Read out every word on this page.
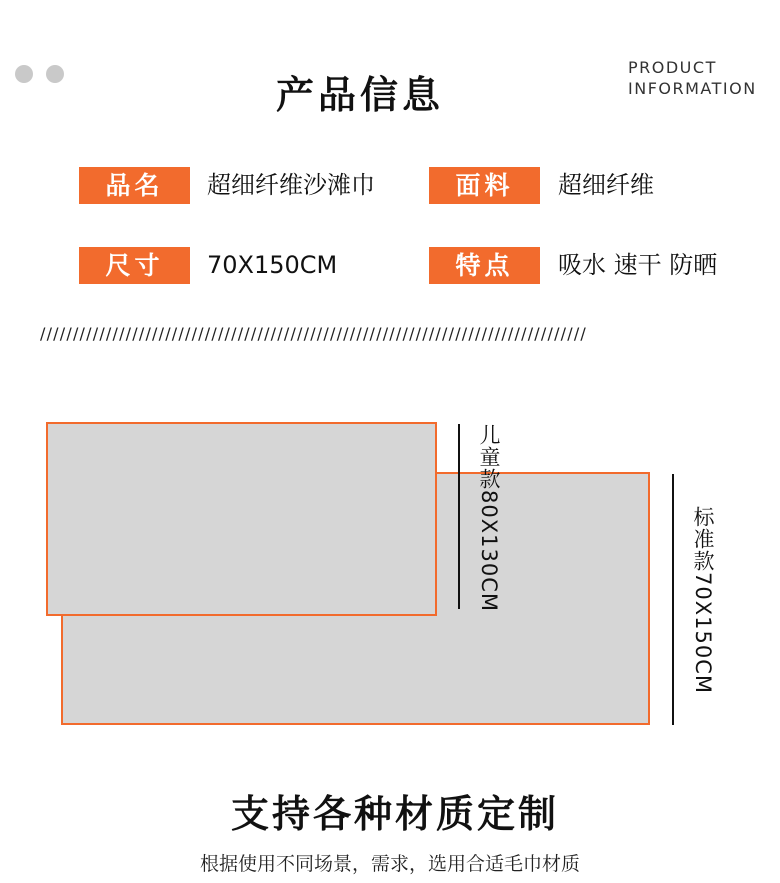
产品信息
PRODUCT
INFORMATION
品名	超细纤维沙滩巾	面料	超细纤维
尺寸	70X150CM	特点	吸水 速干 防晒
///////////////////////////////////////////////////////////////////////////////////
儿童款80X130CM	标准款70X150CM
支持各种材质定制
根据使用不同场景，需求，选用合适毛巾材质
